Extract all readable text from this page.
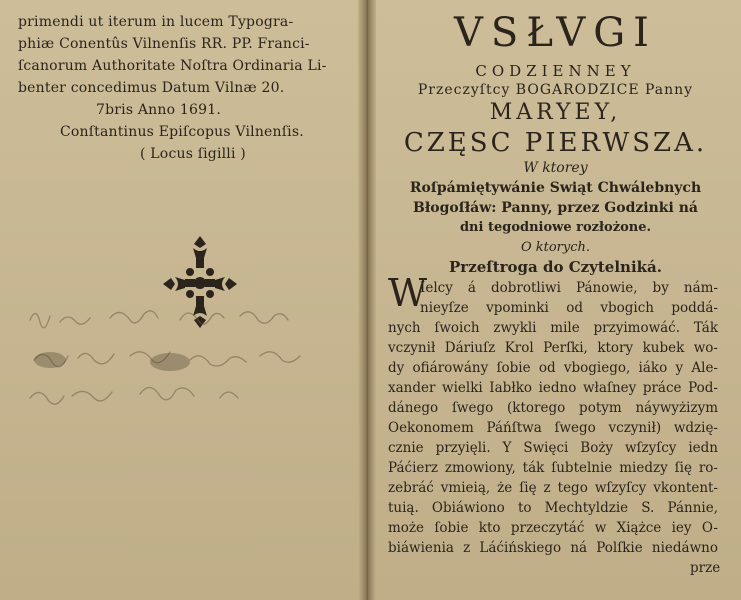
primendi ut iterum in lucem Typogra-
phiæ Conentûs Vilnenſis RR. PP. Franci-
ſcanorum Authoritate Noſtra Ordinaria Li-
benter concedimus Datum Vilnæ 20.
7bris Anno 1691.
Conſtantinus Epiſcopus Vilnenſis.
( Locus ſigilli )
VSŁVGI
CODZIENNEY
Przeczyſtcy BOGARODZICE Panny
MARYEY,
CZĘSC PIERWSZA.
W ktorey
Roſpámiętywánie Swiąt Chwálebnych
Błogoſłáw: Panny, przez Godzinki ná
dni tegodniowe rozłożone.
O ktorych.
Przeſtroga do Czytelniká.
W
Ielcy á dobrotliwi Pánowie, by nám-
nieyſze vpominki od vbogich poddá-
nych ſwoich zwykli mile przyimowáć. Ták
vczynił Dáriuſz Krol Perſki, ktory kubek wo-
dy ofiárowány ſobie od vbogiego, iáko y Ale-
xander wielki Iabłko iedno właſney práce Pod-
dánego ſwego (ktorego potym náywyżizym
Oekonomem Páńſtwa ſwego vczynił) wdzię-
cznie przyięli. Y Swięci Boży wſzyſcy iedn
Páćierz zmowiony, ták ſubtelnie miedzy ſię ro-
zebráć vmieią, że ſię z tego wſzyſcy vkontent-
tuią. Obiáwiono to Mechtyldzie S. Pánnie,
może ſobie kto przeczytáć w Xiążce iey O-
biáwienia z Láćińskiego ná Polſkie niedáwno
prze
